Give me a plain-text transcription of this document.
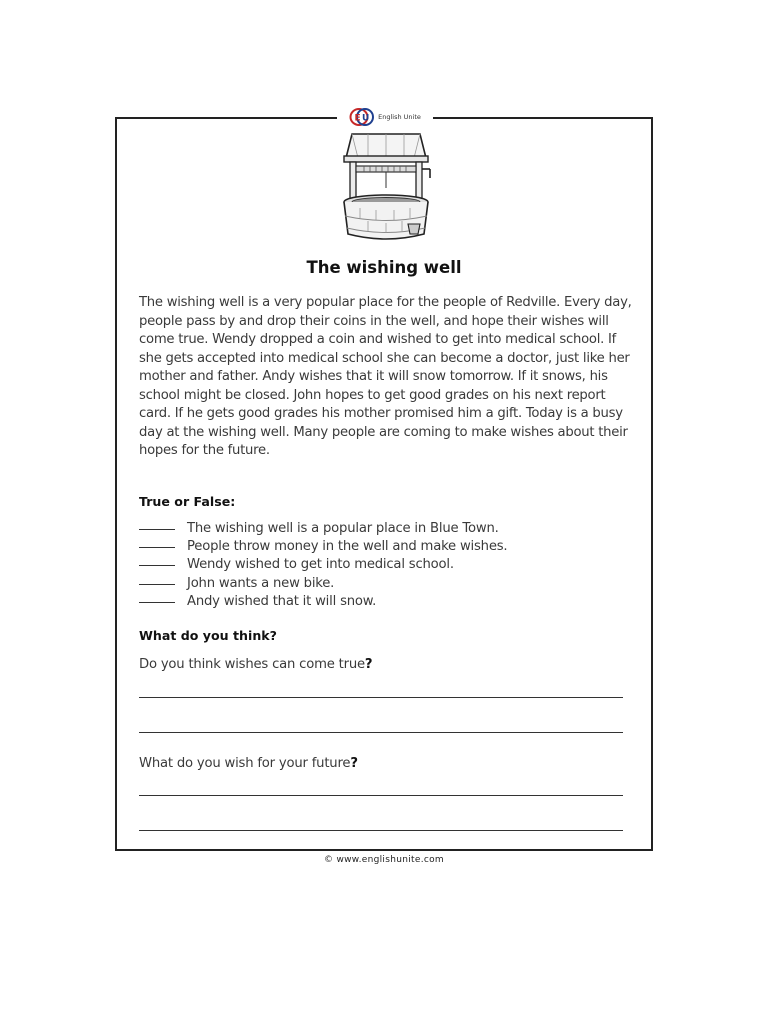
E U English Unite
The wishing well

The wishing well is a very popular place for the people of Redville. Every day, people pass by and drop their coins in the well, and hope their wishes will come true. Wendy dropped a coin and wished to get into medical school. If she gets accepted into medical school she can become a doctor, just like her mother and father. Andy wishes that it will snow tomorrow. If it snows, his school might be closed. John hopes to get good grades on his next report card. If he gets good grades his mother promised him a gift. Today is a busy day at the wishing well. Many people are coming to make wishes about their hopes for the future.

True or False:
The wishing well is a popular place in Blue Town.
People throw money in the well and make wishes.
Wendy wished to get into medical school.
John wants a new bike.
Andy wished that it will snow.
What do you think?

Do you think wishes can come true?

What do you wish for your future?

© www.englishunite.com
